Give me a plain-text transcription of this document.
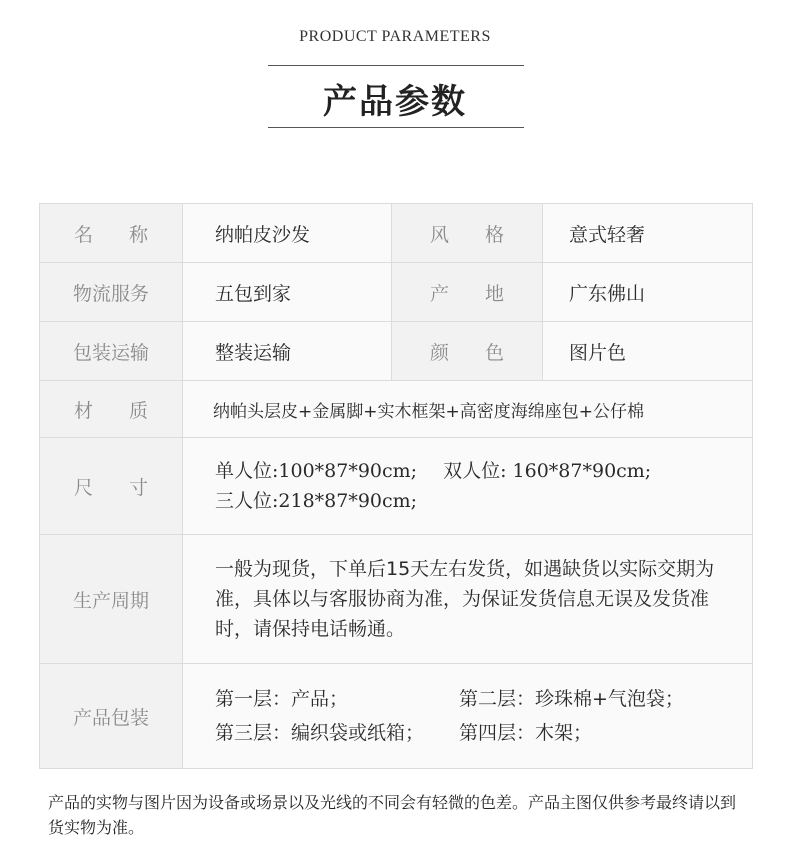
PRODUCT PARAMETERS
产品参数
名称	纳帕皮沙发	风格	意式轻奢
物流服务	五包到家	产地	广东佛山
包装运输	整装运输	颜色	图片色
材质	纳帕头层皮+金属脚+实木框架+高密度海绵座包+公仔棉		
尺寸	单人位:100*87*90cm; 双人位: 160*87*90cm;
三人位:218*87*90cm;		

生产周期	一般为现货，下单后15天左右发货，如遇缺货以实际交期为准，具体以与客服协商为准，为保证发货信息无误及发货准时，请保持电话畅通。		

产品包装	第一层：产品； 第二层：珍珠棉+气泡袋；
第三层：编织袋或纸箱； 第四层：木架；		
产品的实物与图片因为设备或场景以及光线的不同会有轻微的色差。产品主图仅供参考最终请以到货实物为准。
